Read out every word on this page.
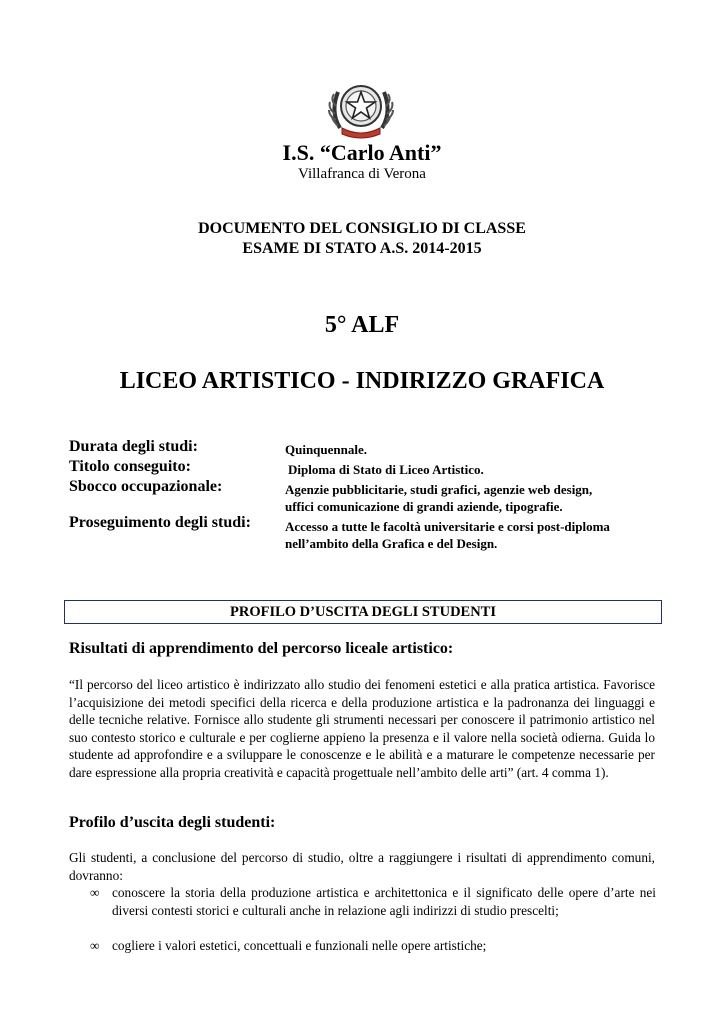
I.S. “Carlo Anti”
Villafranca di Verona
DOCUMENTO DEL CONSIGLIO DI CLASSE
ESAME DI STATO A.S. 2014-2015
5° ALF
LICEO ARTISTICO - INDIRIZZO GRAFICA
Durata degli studi:	Quinquennale.
Titolo conseguito:	Diploma di Stato di Liceo Artistico.
Sbocco occupazionale:	Agenzie pubblicitarie, studi grafici, agenzie web design,
uffici comunicazione di grandi aziende, tipografie.
Proseguimento degli studi:	Accesso a tutte le facoltà universitarie e corsi post-diploma
nell’ambito della Grafica e del Design.
PROFILO D’USCITA DEGLI STUDENTI
Risultati di apprendimento del percorso liceale artistico:
“Il percorso del liceo artistico è indirizzato allo studio dei fenomeni estetici e alla pratica artistica. Favorisce l’acquisizione dei metodi specifici della ricerca e della produzione artistica e la padronanza dei linguaggi e delle tecniche relative. Fornisce allo studente gli strumenti necessari per conoscere il patrimonio artistico nel suo contesto storico e culturale e per coglierne appieno la presenza e il valore nella società odierna. Guida lo studente ad approfondire e a sviluppare le conoscenze e le abilità e a maturare le competenze necessarie per dare espressione alla propria creatività e capacità progettuale nell’ambito delle arti” (art. 4 comma 1).
Profilo d’uscita degli studenti:
Gli studenti, a conclusione del percorso di studio, oltre a raggiungere i risultati di apprendimento comuni, dovranno:
∞ conoscere la storia della produzione artistica e architettonica e il significato delle opere d’arte nei diversi contesti storici e culturali anche in relazione agli indirizzi di studio prescelti;
∞ cogliere i valori estetici, concettuali e funzionali nelle opere artistiche;
